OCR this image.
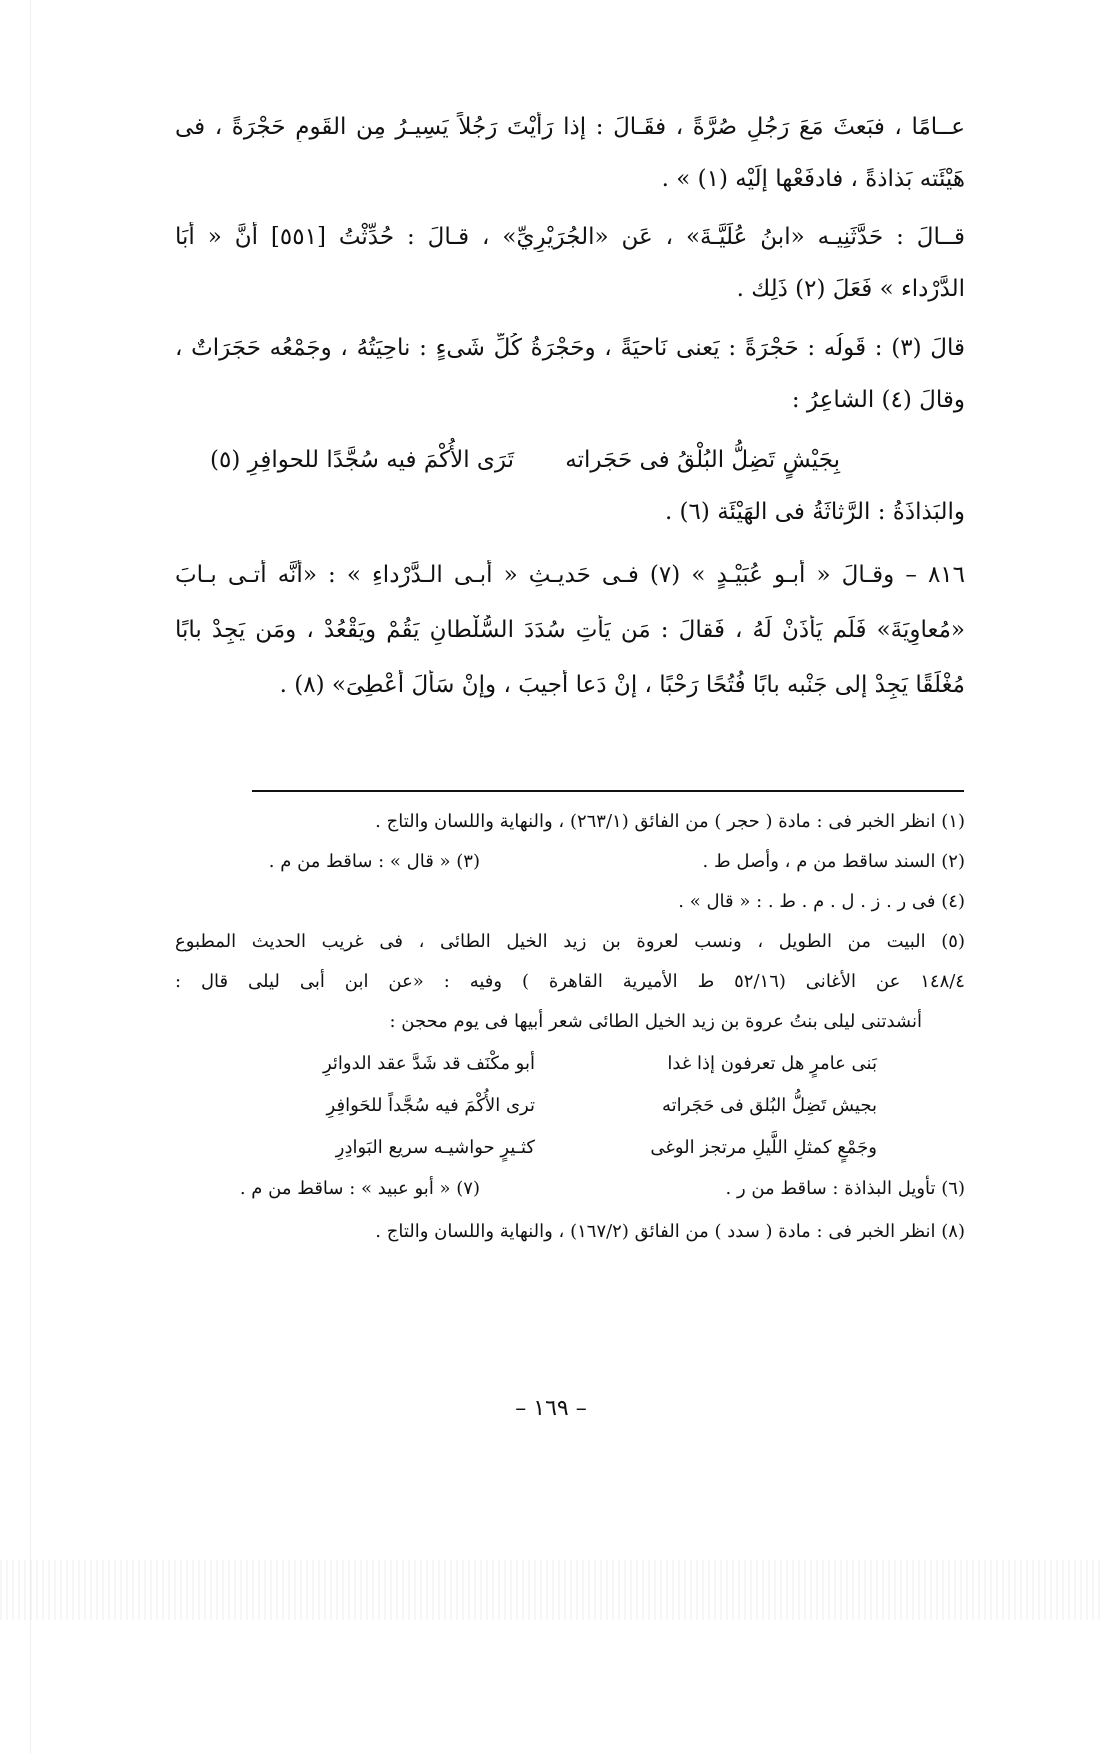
عــامًا ، فبَعثَ مَعَ رَجُلٍ صُرَّةً ، فقَـالَ : إذا رَأَيْتَ رَجُلاً يَسِيـرُ مِن القَومِ حَجْرَةً ، فى
هَيْئَته بَذاذةً ، فادفَعْها إلَيْه (١) » .
قــالَ : حَدَّثَنِيـه «ابنُ عُلَيَّـةَ» ، عَن «الجُرَيْرِيِّ» ، قـالَ : حُدِّثْتُ [٥٥١] أنَّ « أبَا
الدَّرْداء » فَعَلَ (٢) ذَلِك .
قالَ (٣) : قَولُه : حَجْرَةً : يَعنى نَاحيَةً ، وحَجْرَةُ كُلِّ شَىءٍ : ناحِيَتُهُ ، وجَمْعُه حَجَرَاتٌ ،
وقالَ (٤) الشاعِرُ :
بِجَيْشٍ تَضِلُّ البُلْقُ فى حَجَراته
تَرَى الأُكْمَ فيه سُجَّدًا للحوافِرِ (٥)
والبَذاذَةُ : الرَّثاثَةُ فى الهَيْئَة (٦) .
٨١٦ – وقـالَ « أبـو عُبَيْـدٍ » (٧) فـى حَديـثِ « أبـى الـدَّرْداءِ » : «أنَّه أتـى بـابَ
«مُعاوِيَةَ» فَلَم يَأذَنْ لَهُ ، فَقالَ : مَن يَأتِ سُدَدَ السُّلْطانِ يَقُمْ ويَقْعُدْ ، ومَن يَجِدْ بابًا
مُغْلَقًا يَجِدْ إلى جَنْبه بابًا فُتُحًا رَحْبًا ، إنْ دَعا أُجيبَ ، وإنْ سَأَلَ أُعْطِىَ» (٨) .
(١) انظر الخبر فى : مادة ( حجر ) من الفائق (٢٦٣/١) ، والنهاية واللسان والتاج .
(٢) السند ساقط من م ، وأصل ط .
(٣) « قال » : ساقط من م .
(٤) فى ر . ز . ل . م . ط . : « قال » .
(٥) البيت من الطويل ، ونسب لعروة بن زيد الخيل الطائى ، فى غريب الحديث المطبوع
١٤٨/٤ عن الأغانى (٥٢/١٦ ط الأميرية القاهرة ) وفيه : «عن ابن أبى ليلى قال :
أنشدتنى ليلى بنتُ عروة بن زيد الخيل الطائى شعر أبيها فى يوم محجن :
بَنى عامرٍ هل تعرفون إذا غدا
أبو مكْنَف قد شَدَّ عقد الدوائرِ
بجيش تَضِلُّ البُلق فى حَجَراته
ترى الأُكْمَ فيه سُجَّداً للحَوافِرِ
وجَمْعٍ كمثلِ اللَّيلِ مرتجز الوغى
كثـيرٍ حواشيـه سريع البَوادِرِ
(٦) تأويل البذاذة : ساقط من ر .
(٧) « أبو عبيد » : ساقط من م .
(٨) انظر الخبر فى : مادة ( سدد ) من الفائق (١٦٧/٢) ، والنهاية واللسان والتاج .
– ١٦٩ –
